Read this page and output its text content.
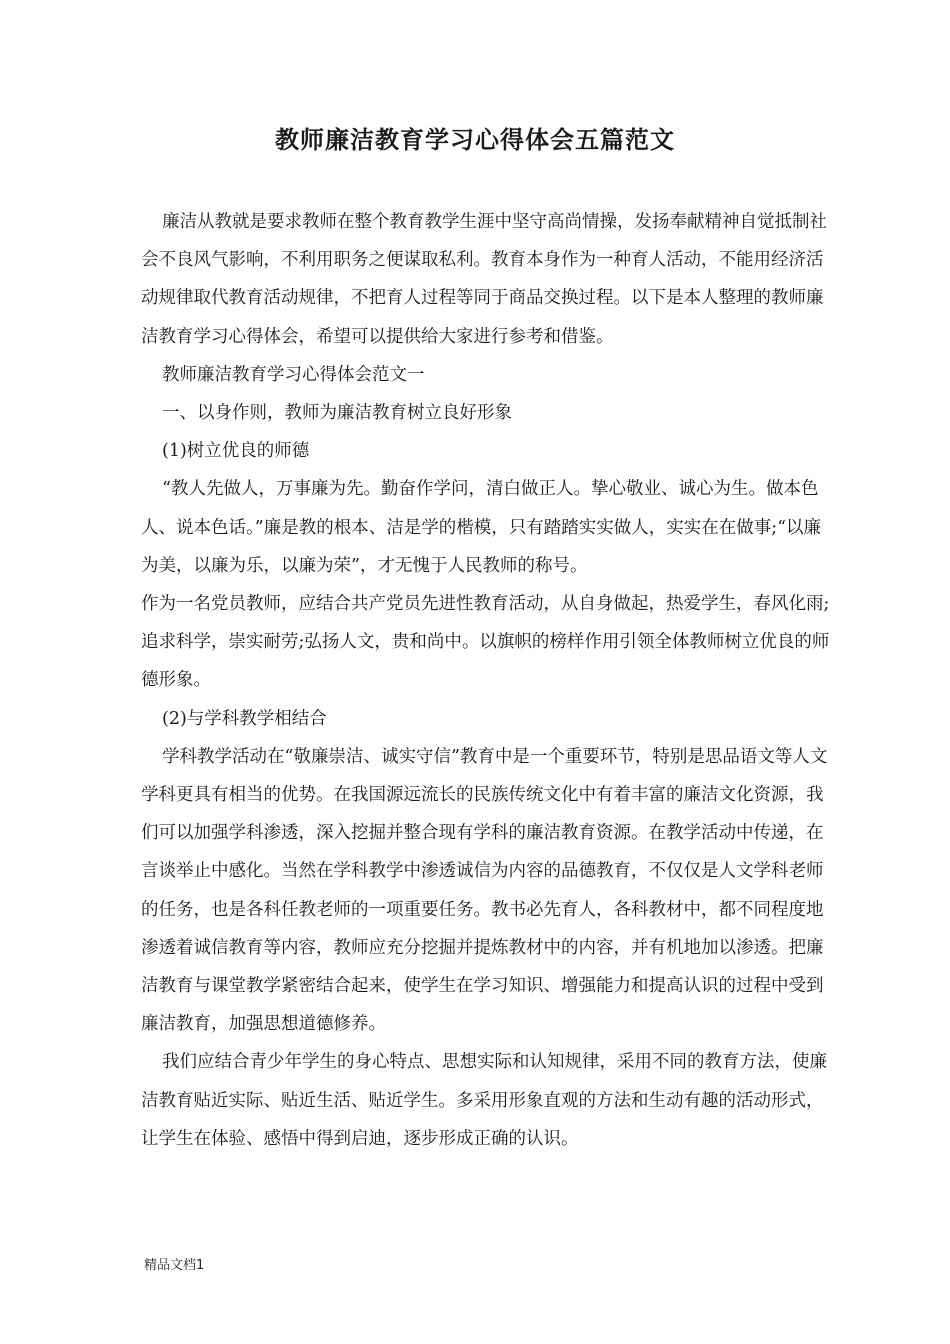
教师廉洁教育学习心得体会五篇范文

廉洁从教就是要求教师在整个教育教学生涯中坚守高尚情操，发扬奉献精神自觉抵制社会不良风气影响，不利用职务之便谋取私利。教育本身作为一种育人活动，不能用经济活动规律取代教育活动规律，不把育人过程等同于商品交换过程。以下是本人整理的教师廉洁教育学习心得体会，希望可以提供给大家进行参考和借鉴。

教师廉洁教育学习心得体会范文一

一、以身作则，教师为廉洁教育树立良好形象

(1)树立优良的师德

“教人先做人，万事廉为先。勤奋作学问，清白做正人。挚心敬业、诚心为生。做本色人、说本色话。”廉是教的根本、洁是学的楷模，只有踏踏实实做人，实实在在做事;“以廉为美，以廉为乐，以廉为荣”，才无愧于人民教师的称号。

作为一名党员教师，应结合共产党员先进性教育活动，从自身做起，热爱学生，春风化雨;追求科学，崇实耐劳;弘扬人文，贵和尚中。以旗帜的榜样作用引领全体教师树立优良的师德形象。

(2)与学科教学相结合

学科教学活动在“敬廉崇洁、诚实守信”教育中是一个重要环节，特别是思品语文等人文学科更具有相当的优势。在我国源远流长的民族传统文化中有着丰富的廉洁文化资源，我们可以加强学科渗透，深入挖掘并整合现有学科的廉洁教育资源。在教学活动中传递，在言谈举止中感化。当然在学科教学中渗透诚信为内容的品德教育，不仅仅是人文学科老师的任务，也是各科任教老师的一项重要任务。教书必先育人，各科教材中，都不同程度地渗透着诚信教育等内容，教师应充分挖掘并提炼教材中的内容，并有机地加以渗透。把廉洁教育与课堂教学紧密结合起来，使学生在学习知识、增强能力和提高认识的过程中受到廉洁教育，加强思想道德修养。

我们应结合青少年学生的身心特点、思想实际和认知规律，采用不同的教育方法，使廉洁教育贴近实际、贴近生活、贴近学生。多采用形象直观的方法和生动有趣的活动形式，让学生在体验、感悟中得到启迪，逐步形成正确的认识。

精品文档1
